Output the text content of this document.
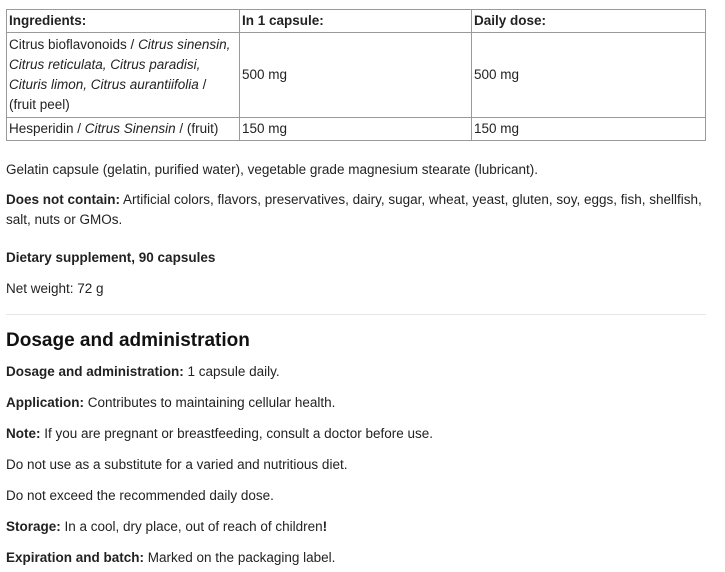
Ingredients:	In 1 capsule:	Daily dose:
Citrus bioflavonoids / Citrus sinensin, Citrus reticulata, Citrus paradisi, Cituris limon, Citrus aurantiifolia / (fruit peel)	500 mg	500 mg
Hesperidin / Citrus Sinensin / (fruit)	150 mg	150 mg

Gelatin capsule (gelatin, purified water), vegetable grade magnesium stearate (lubricant).

Does not contain: Artificial colors, flavors, preservatives, dairy, sugar, wheat, yeast, gluten, soy, eggs, fish, shellfish, salt, nuts or GMOs.

Dietary supplement, 90 capsules

Net weight: 72 g

Dosage and administration

Dosage and administration: 1 capsule daily.

Application: Contributes to maintaining cellular health.

Note: If you are pregnant or breastfeeding, consult a doctor before use.

Do not use as a substitute for a varied and nutritious diet.

Do not exceed the recommended daily dose.

Storage: In a cool, dry place, out of reach of children!

Expiration and batch: Marked on the packaging label.
